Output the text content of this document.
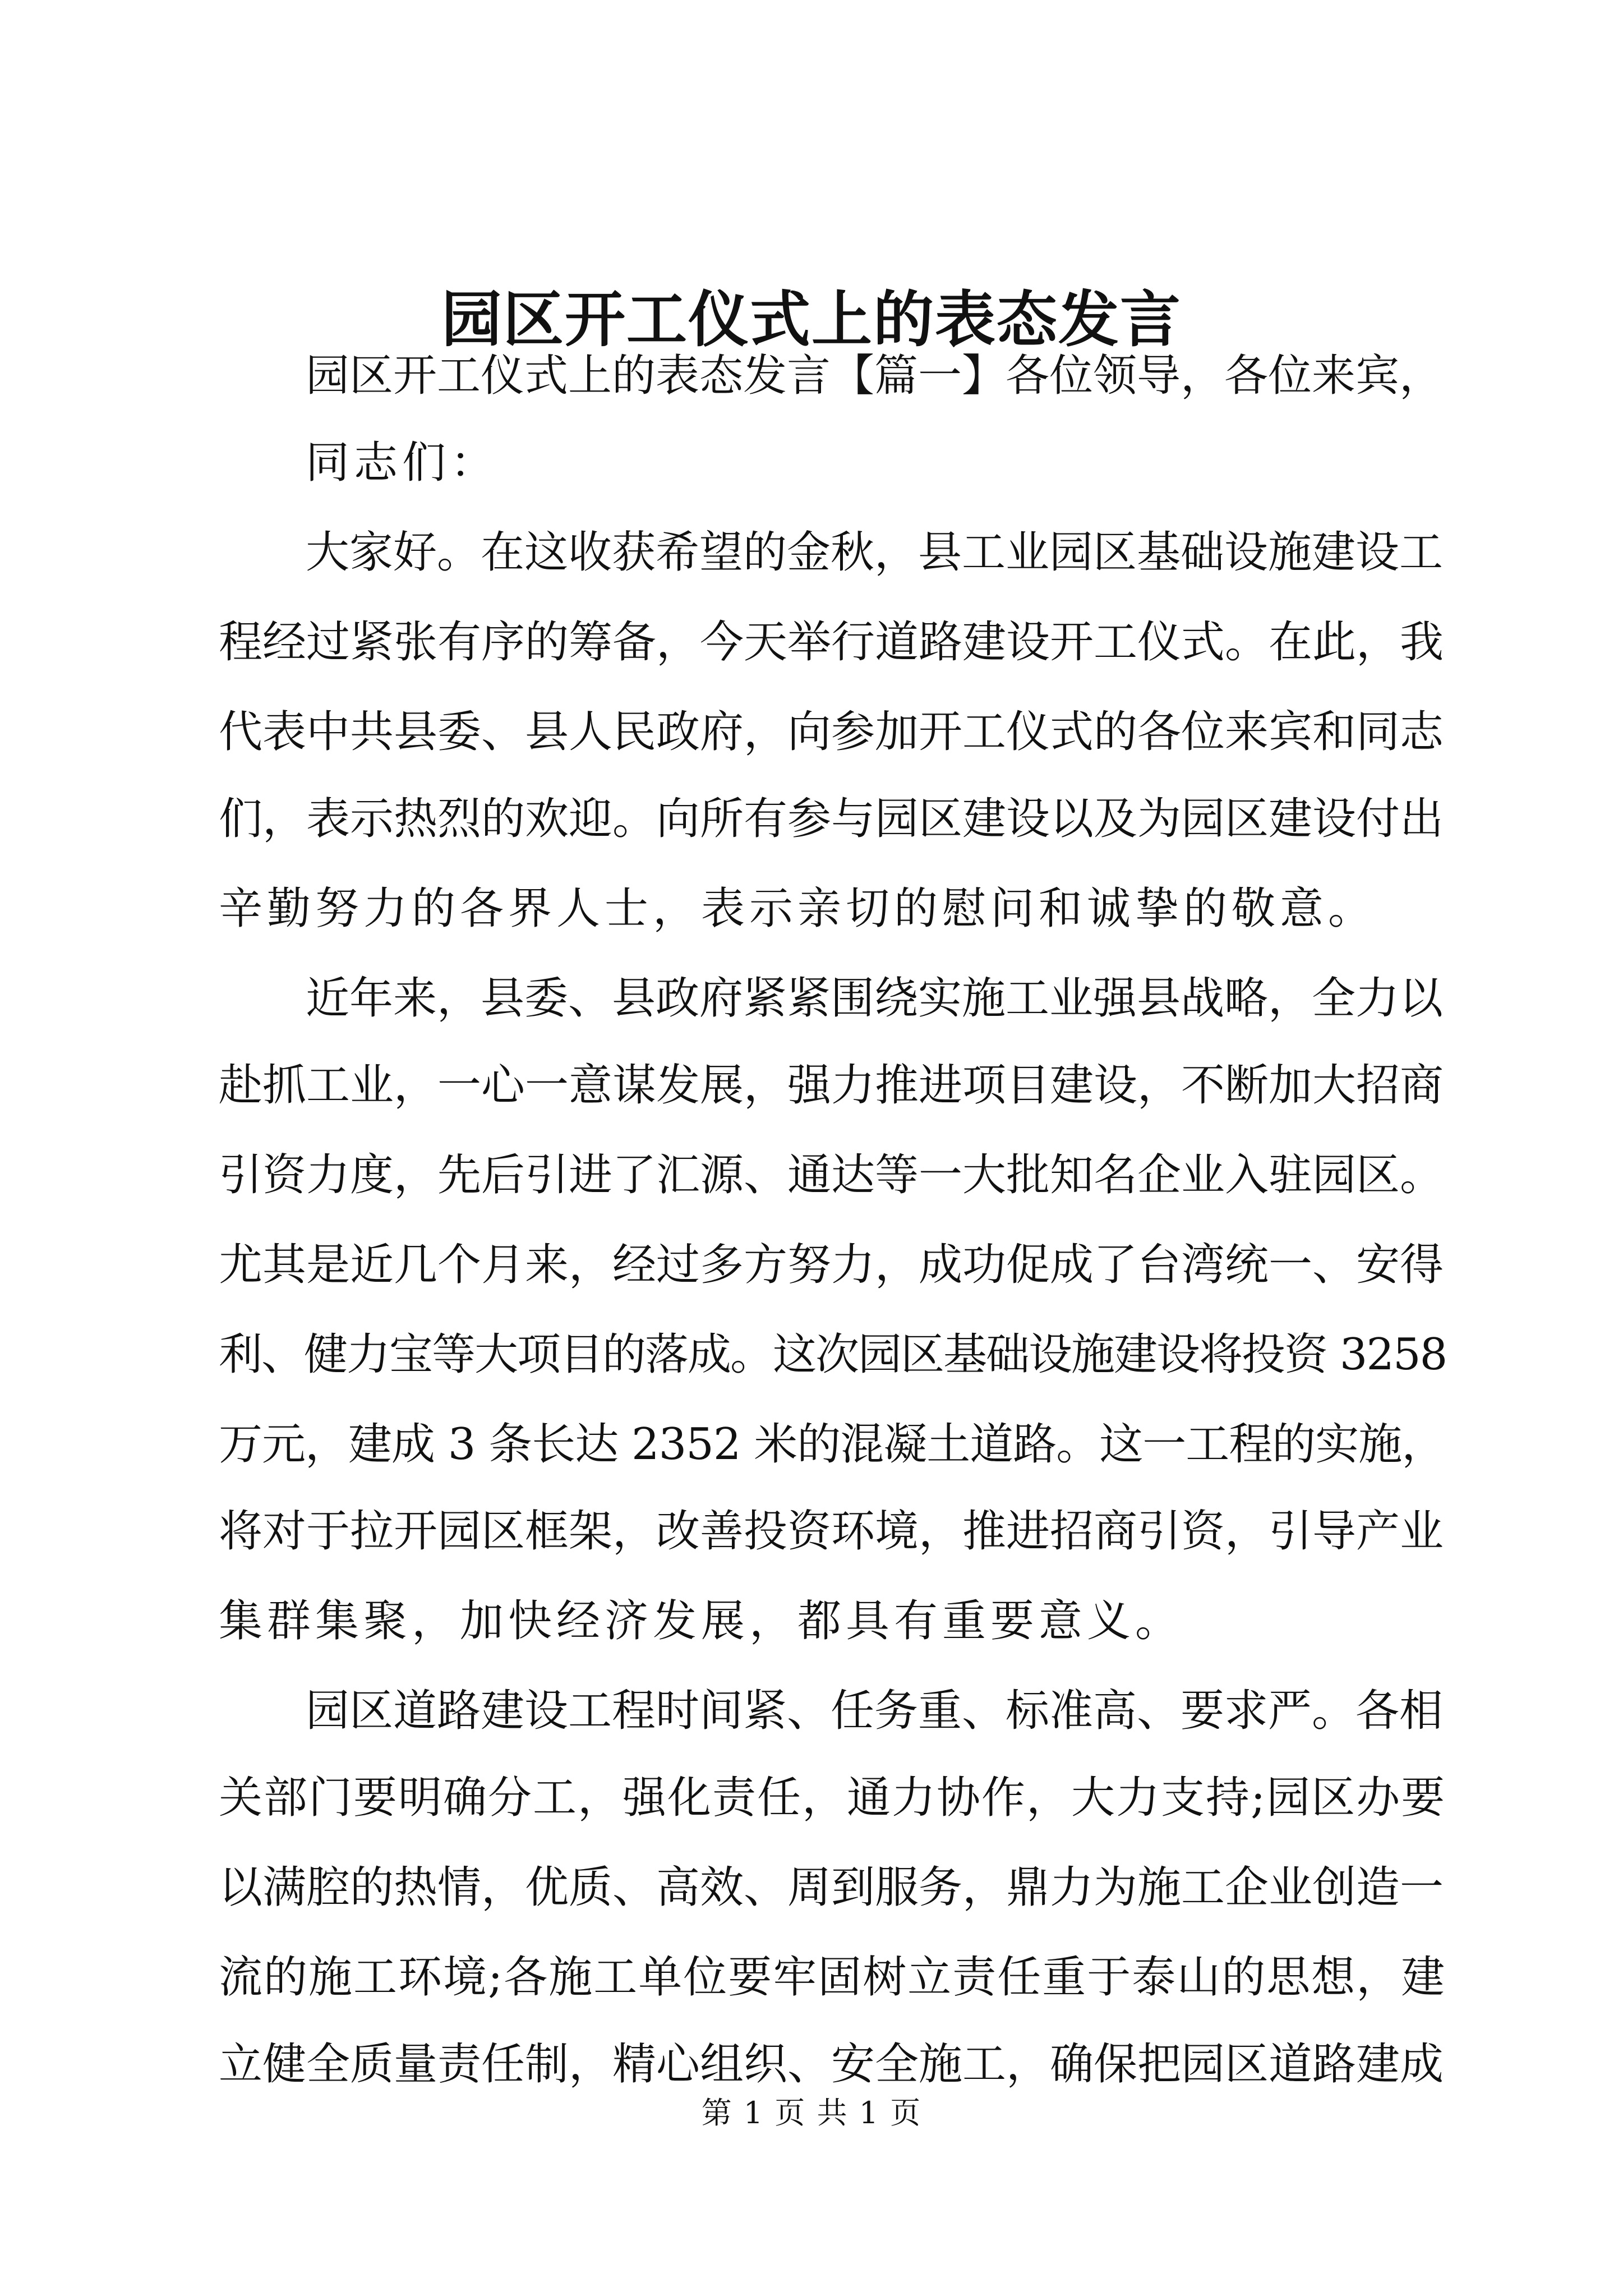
园区开工仪式上的表态发言

园区开工仪式上的表态发言【篇一】各位领导，各位来宾，

同志们：

大家好。在这收获希望的金秋，县工业园区基础设施建设工

程经过紧张有序的筹备，今天举行道路建设开工仪式。在此，我

代表中共县委、县人民政府，向参加开工仪式的各位来宾和同志

们，表示热烈的欢迎。向所有参与园区建设以及为园区建设付出

辛勤努力的各界人士，表示亲切的慰问和诚挚的敬意。

近年来，县委、县政府紧紧围绕实施工业强县战略，全力以

赴抓工业，一心一意谋发展，强力推进项目建设，不断加大招商

引资力度，先后引进了汇源、通达等一大批知名企业入驻园区。

尤其是近几个月来，经过多方努力，成功促成了台湾统一、安得

利、健力宝等大项目的落成。这次园区基础设施建设将投资 3258

万元，建成 3 条长达 2352 米的混凝土道路。这一工程的实施，

将对于拉开园区框架，改善投资环境，推进招商引资，引导产业

集群集聚，加快经济发展，都具有重要意义。

园区道路建设工程时间紧、任务重、标准高、要求严。各相

关部门要明确分工，强化责任，通力协作，大力支持;园区办要

以满腔的热情，优质、高效、周到服务，鼎力为施工企业创造一

流的施工环境;各施工单位要牢固树立责任重于泰山的思想，建

立健全质量责任制，精心组织、安全施工，确保把园区道路建成

第 1 页 共 1 页
